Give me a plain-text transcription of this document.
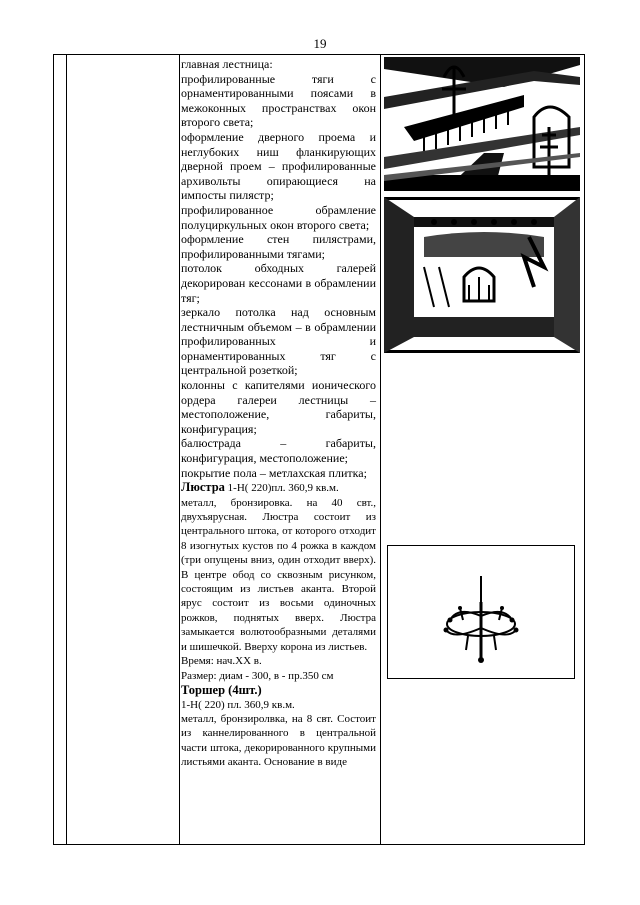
19

главная лестница:

профилированные тяги с орнаментированными поясами в межоконных пространствах окон второго света;

оформление дверного проема и неглубоких ниш фланкирующих дверной проем – профилированные архивольты опирающиеся на импосты пилястр;

профилированное обрамление полуциркульных окон второго света;

оформление стен пилястрами, профилированными тягами;

потолок обходных галерей декорирован кессонами в обрамлении тяг;

зеркало потолка над основным лестничным объемом – в обрамлении профилированных и орнаментированных тяг с центральной розеткой;

колонны с капителями ионического ордера галереи лестницы – местоположение, габариты, конфигурация;

балюстрада – габариты, конфигурация, местоположение;

покрытие пола – метлахская плитка;

Люстра 1-Н( 220)пл. 360,9 кв.м.

металл, бронзировка. на 40 свт., двухъярусная. Люстра состоит из центрального штока, от которого отходит 8 изогнутых кустов по 4 рожка в каждом (три опущены вниз, один отходит вверх). В центре обод со сквозным рисунком, состоящим из листьев аканта. Второй ярус состоит из восьми одиночных рожков, поднятых вверх. Люстра замыкается волютообразными деталями и шишечкой. Вверху корона из листьев.

Время: нач.XX в.

Размер: диам - 300, в - пр.350 см

Торшер (4шт.)

1-Н( 220) пл. 360,9 кв.м.

металл, бронзиролвка, на 8 свт. Состоит из каннелированного в центральной части штока, декорированного крупными листьями аканта. Основание в виде
